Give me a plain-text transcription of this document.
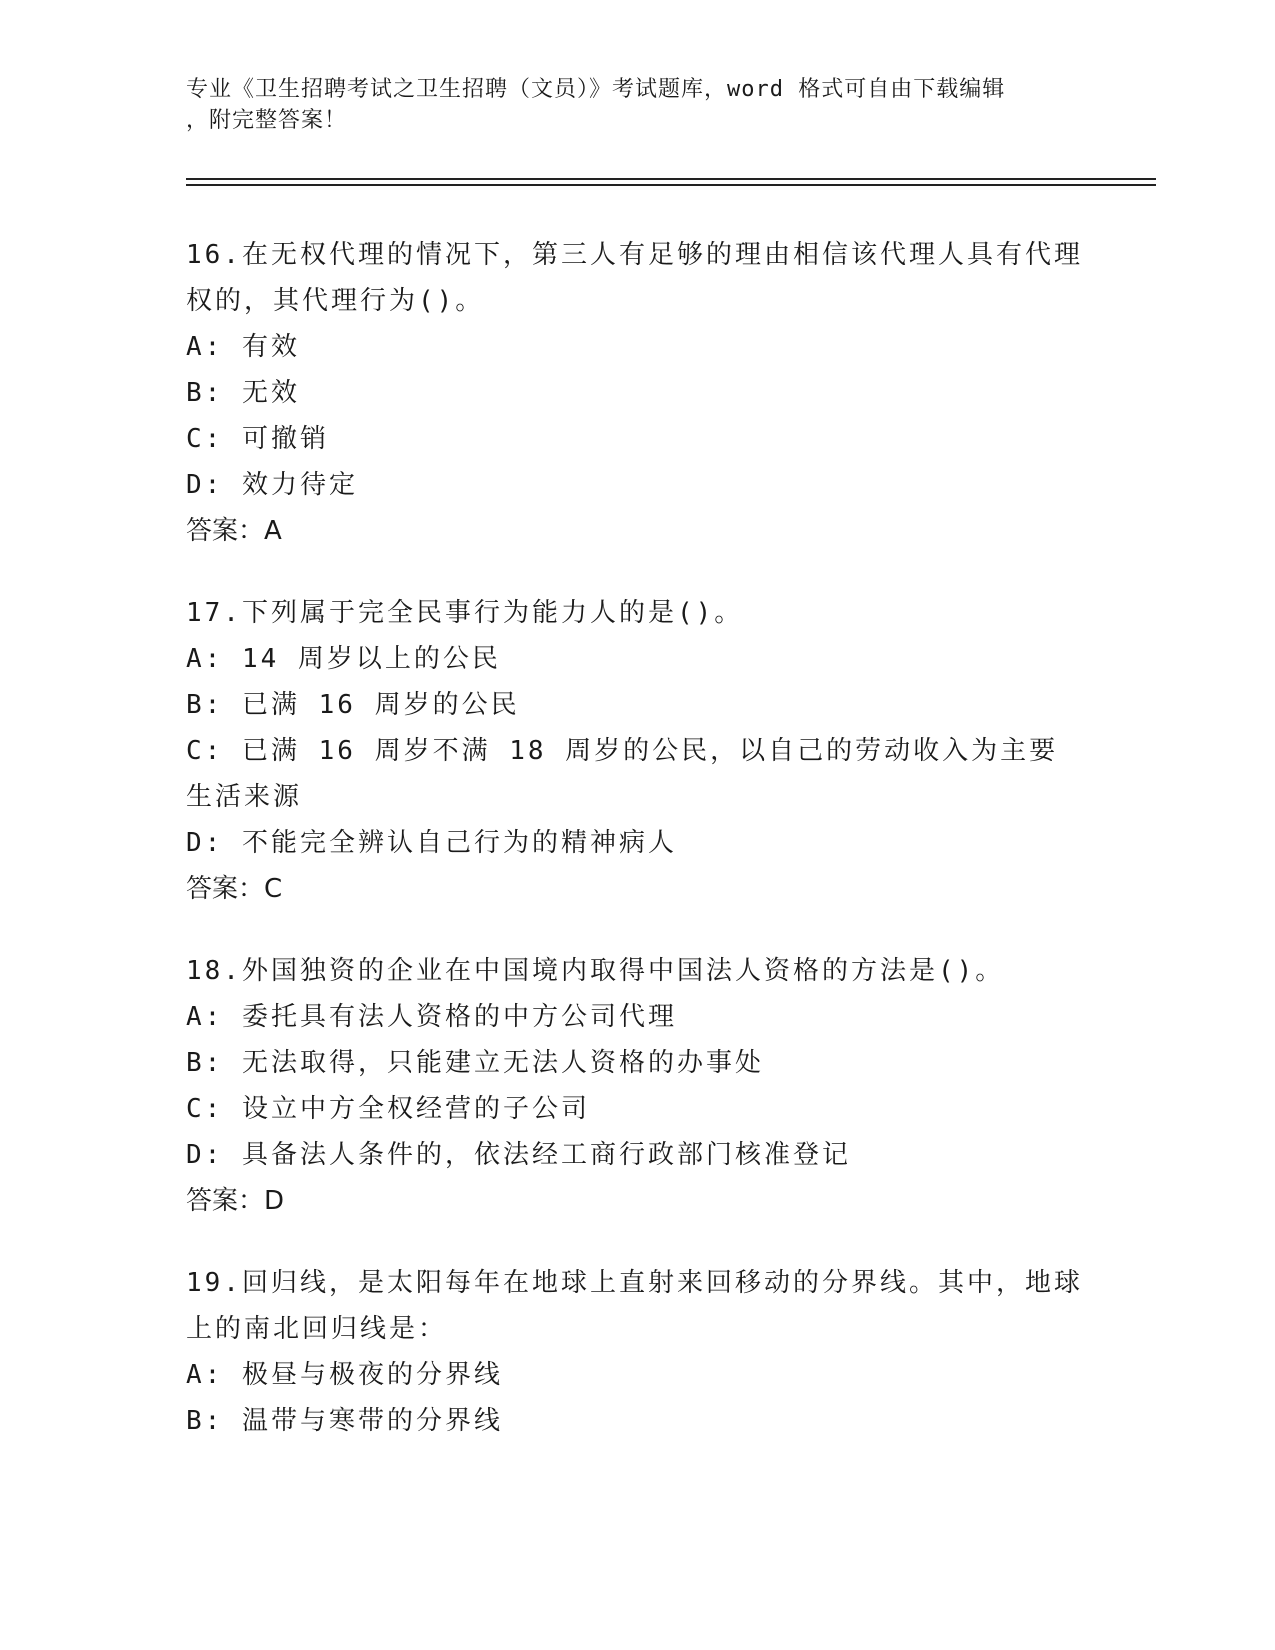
专业《卫生招聘考试之卫生招聘（文员）》考试题库，word 格式可自由下载编辑
，附完整答案！
16.在无权代理的情况下，第三人有足够的理由相信该代理人具有代理权的，其代理行为()。
A: 有效
B: 无效
C: 可撤销
D: 效力待定
答案：A
17.下列属于完全民事行为能力人的是()。
A: 14 周岁以上的公民
B: 已满 16 周岁的公民
C: 已满 16 周岁不满 18 周岁的公民，以自己的劳动收入为主要生活来源
D: 不能完全辨认自己行为的精神病人
答案：C
18.外国独资的企业在中国境内取得中国法人资格的方法是()。
A: 委托具有法人资格的中方公司代理
B: 无法取得，只能建立无法人资格的办事处
C: 设立中方全权经营的子公司
D: 具备法人条件的，依法经工商行政部门核准登记
答案：D
19.回归线，是太阳每年在地球上直射来回移动的分界线。其中，地球上的南北回归线是：
A: 极昼与极夜的分界线
B: 温带与寒带的分界线
